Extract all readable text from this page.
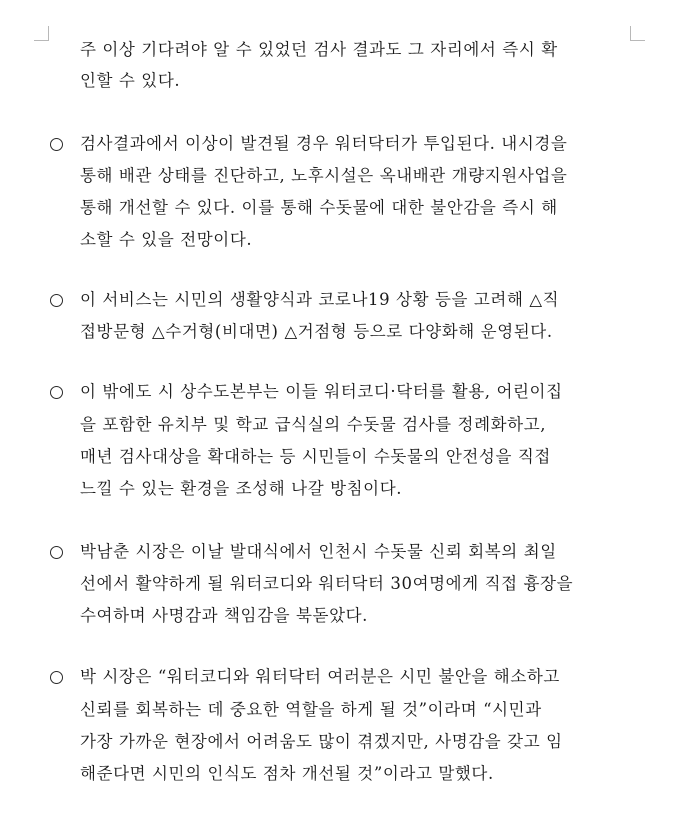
주 이상 기다려야 알 수 있었던 검사 결과도 그 자리에서 즉시 확
인할 수 있다.
검사결과에서 이상이 발견될 경우 워터닥터가 투입된다. 내시경을
통해 배관 상태를 진단하고, 노후시설은 옥내배관 개량지원사업을
통해 개선할 수 있다. 이를 통해 수돗물에 대한 불안감을 즉시 해
소할 수 있을 전망이다.
이 서비스는 시민의 생활양식과 코로나19 상황 등을 고려해 △직
접방문형 △수거형(비대면) △거점형 등으로 다양화해 운영된다.
이 밖에도 시 상수도본부는 이들 워터코디·닥터를 활용, 어린이집
을 포함한 유치부 및 학교 급식실의 수돗물 검사를 정례화하고,
매년 검사대상을 확대하는 등 시민들이 수돗물의 안전성을 직접
느낄 수 있는 환경을 조성해 나갈 방침이다.
박남춘 시장은 이날 발대식에서 인천시 수돗물 신뢰 회복의 최일
선에서 활약하게 될 워터코디와 워터닥터 30여명에게 직접 흉장을
수여하며 사명감과 책임감을 북돋았다.
박 시장은 “워터코디와 워터닥터 여러분은 시민 불안을 해소하고
신뢰를 회복하는 데 중요한 역할을 하게 될 것”이라며 “시민과
가장 가까운 현장에서 어려움도 많이 겪겠지만, 사명감을 갖고 임
해준다면 시민의 인식도 점차 개선될 것”이라고 말했다.
